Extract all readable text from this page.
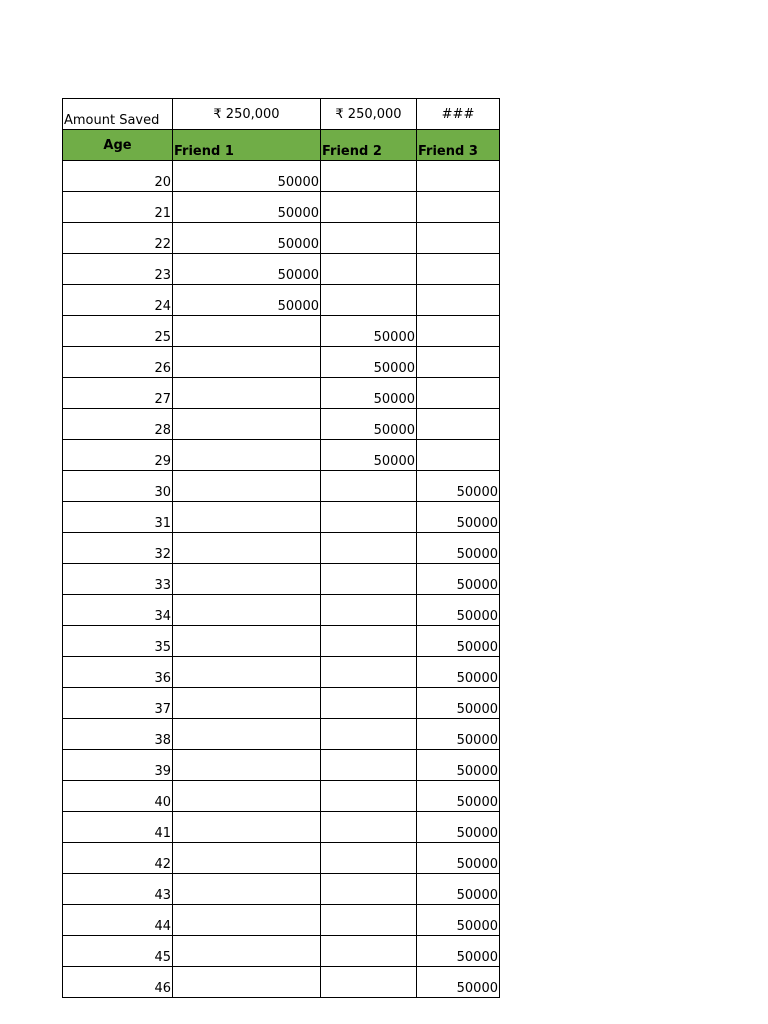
Amount Saved	₹ 250,000	₹ 250,000	###
Age	Friend 1	Friend 2	Friend 3
20	50000		
21	50000		
22	50000		
23	50000		
24	50000		
25		50000	
26		50000	
27		50000	
28		50000	
29		50000	
30			50000
31			50000
32			50000
33			50000
34			50000
35			50000
36			50000
37			50000
38			50000
39			50000
40			50000
41			50000
42			50000
43			50000
44			50000
45			50000
46			50000
